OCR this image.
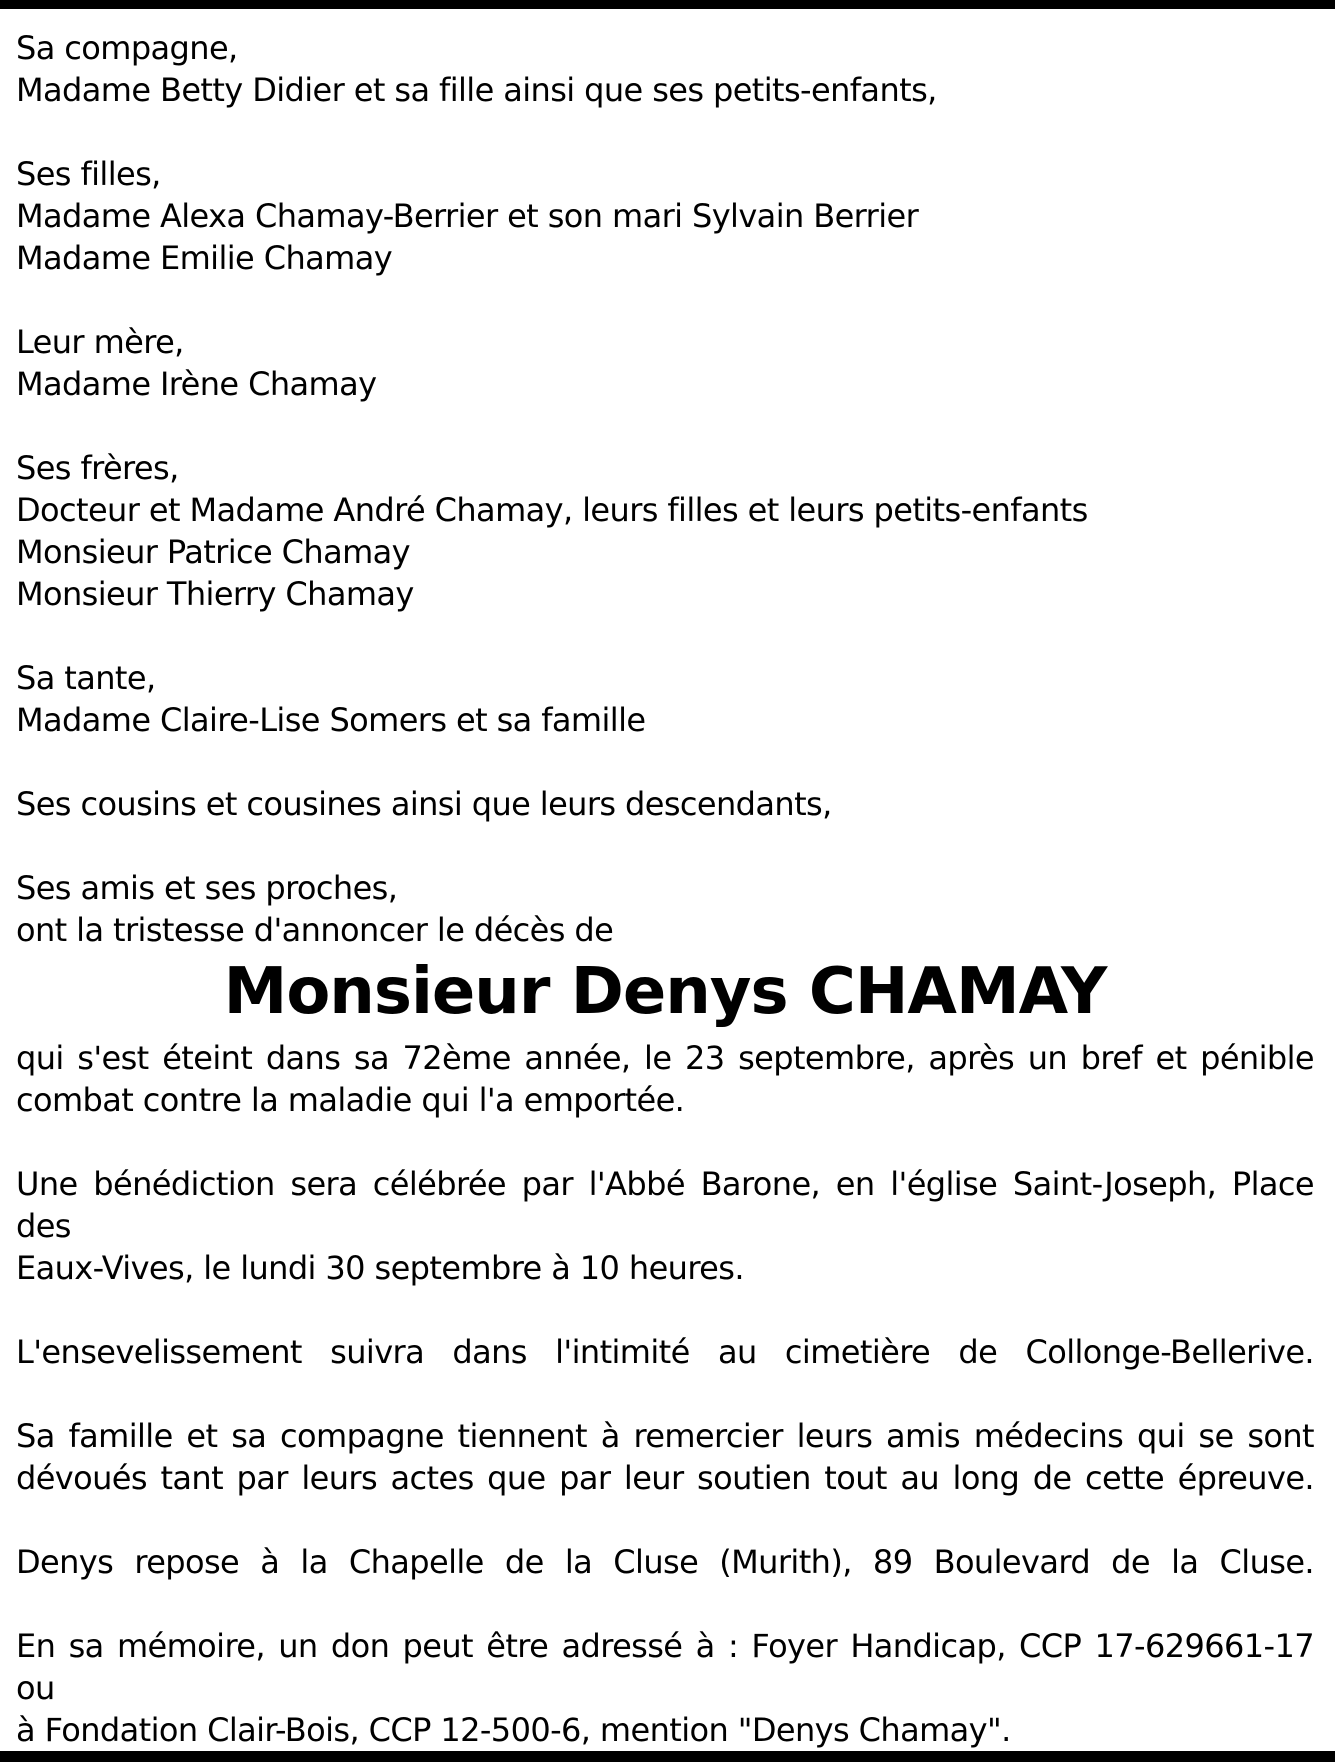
Sa compagne,
Madame Betty Didier et sa fille ainsi que ses petits-enfants,
Ses filles,
Madame Alexa Chamay-Berrier et son mari Sylvain Berrier
Madame Emilie Chamay
Leur mère,
Madame Irène Chamay
Ses frères,
Docteur et Madame André Chamay, leurs filles et leurs petits-enfants
Monsieur Patrice Chamay
Monsieur Thierry Chamay
Sa tante,
Madame Claire-Lise Somers et sa famille
Ses cousins et cousines ainsi que leurs descendants,
Ses amis et ses proches,
ont la tristesse d'annoncer le décès de
Monsieur Denys CHAMAY
qui s'est éteint dans sa 72ème année, le 23 septembre, après un bref et pénible
combat contre la maladie qui l'a emportée.
Une bénédiction sera célébrée par l'Abbé Barone, en l'église Saint-Joseph, Place des
Eaux-Vives, le lundi 30 septembre à 10 heures.
L'ensevelissement suivra dans l'intimité au cimetière de Collonge-Bellerive.
Sa famille et sa compagne tiennent à remercier leurs amis médecins qui se sont
dévoués tant par leurs actes que par leur soutien tout au long de cette épreuve.
Denys repose à la Chapelle de la Cluse (Murith), 89 Boulevard de la Cluse.
En sa mémoire, un don peut être adressé à : Foyer Handicap, CCP 17-629661-17 ou
à Fondation Clair-Bois, CCP 12-500-6, mention "Denys Chamay".
